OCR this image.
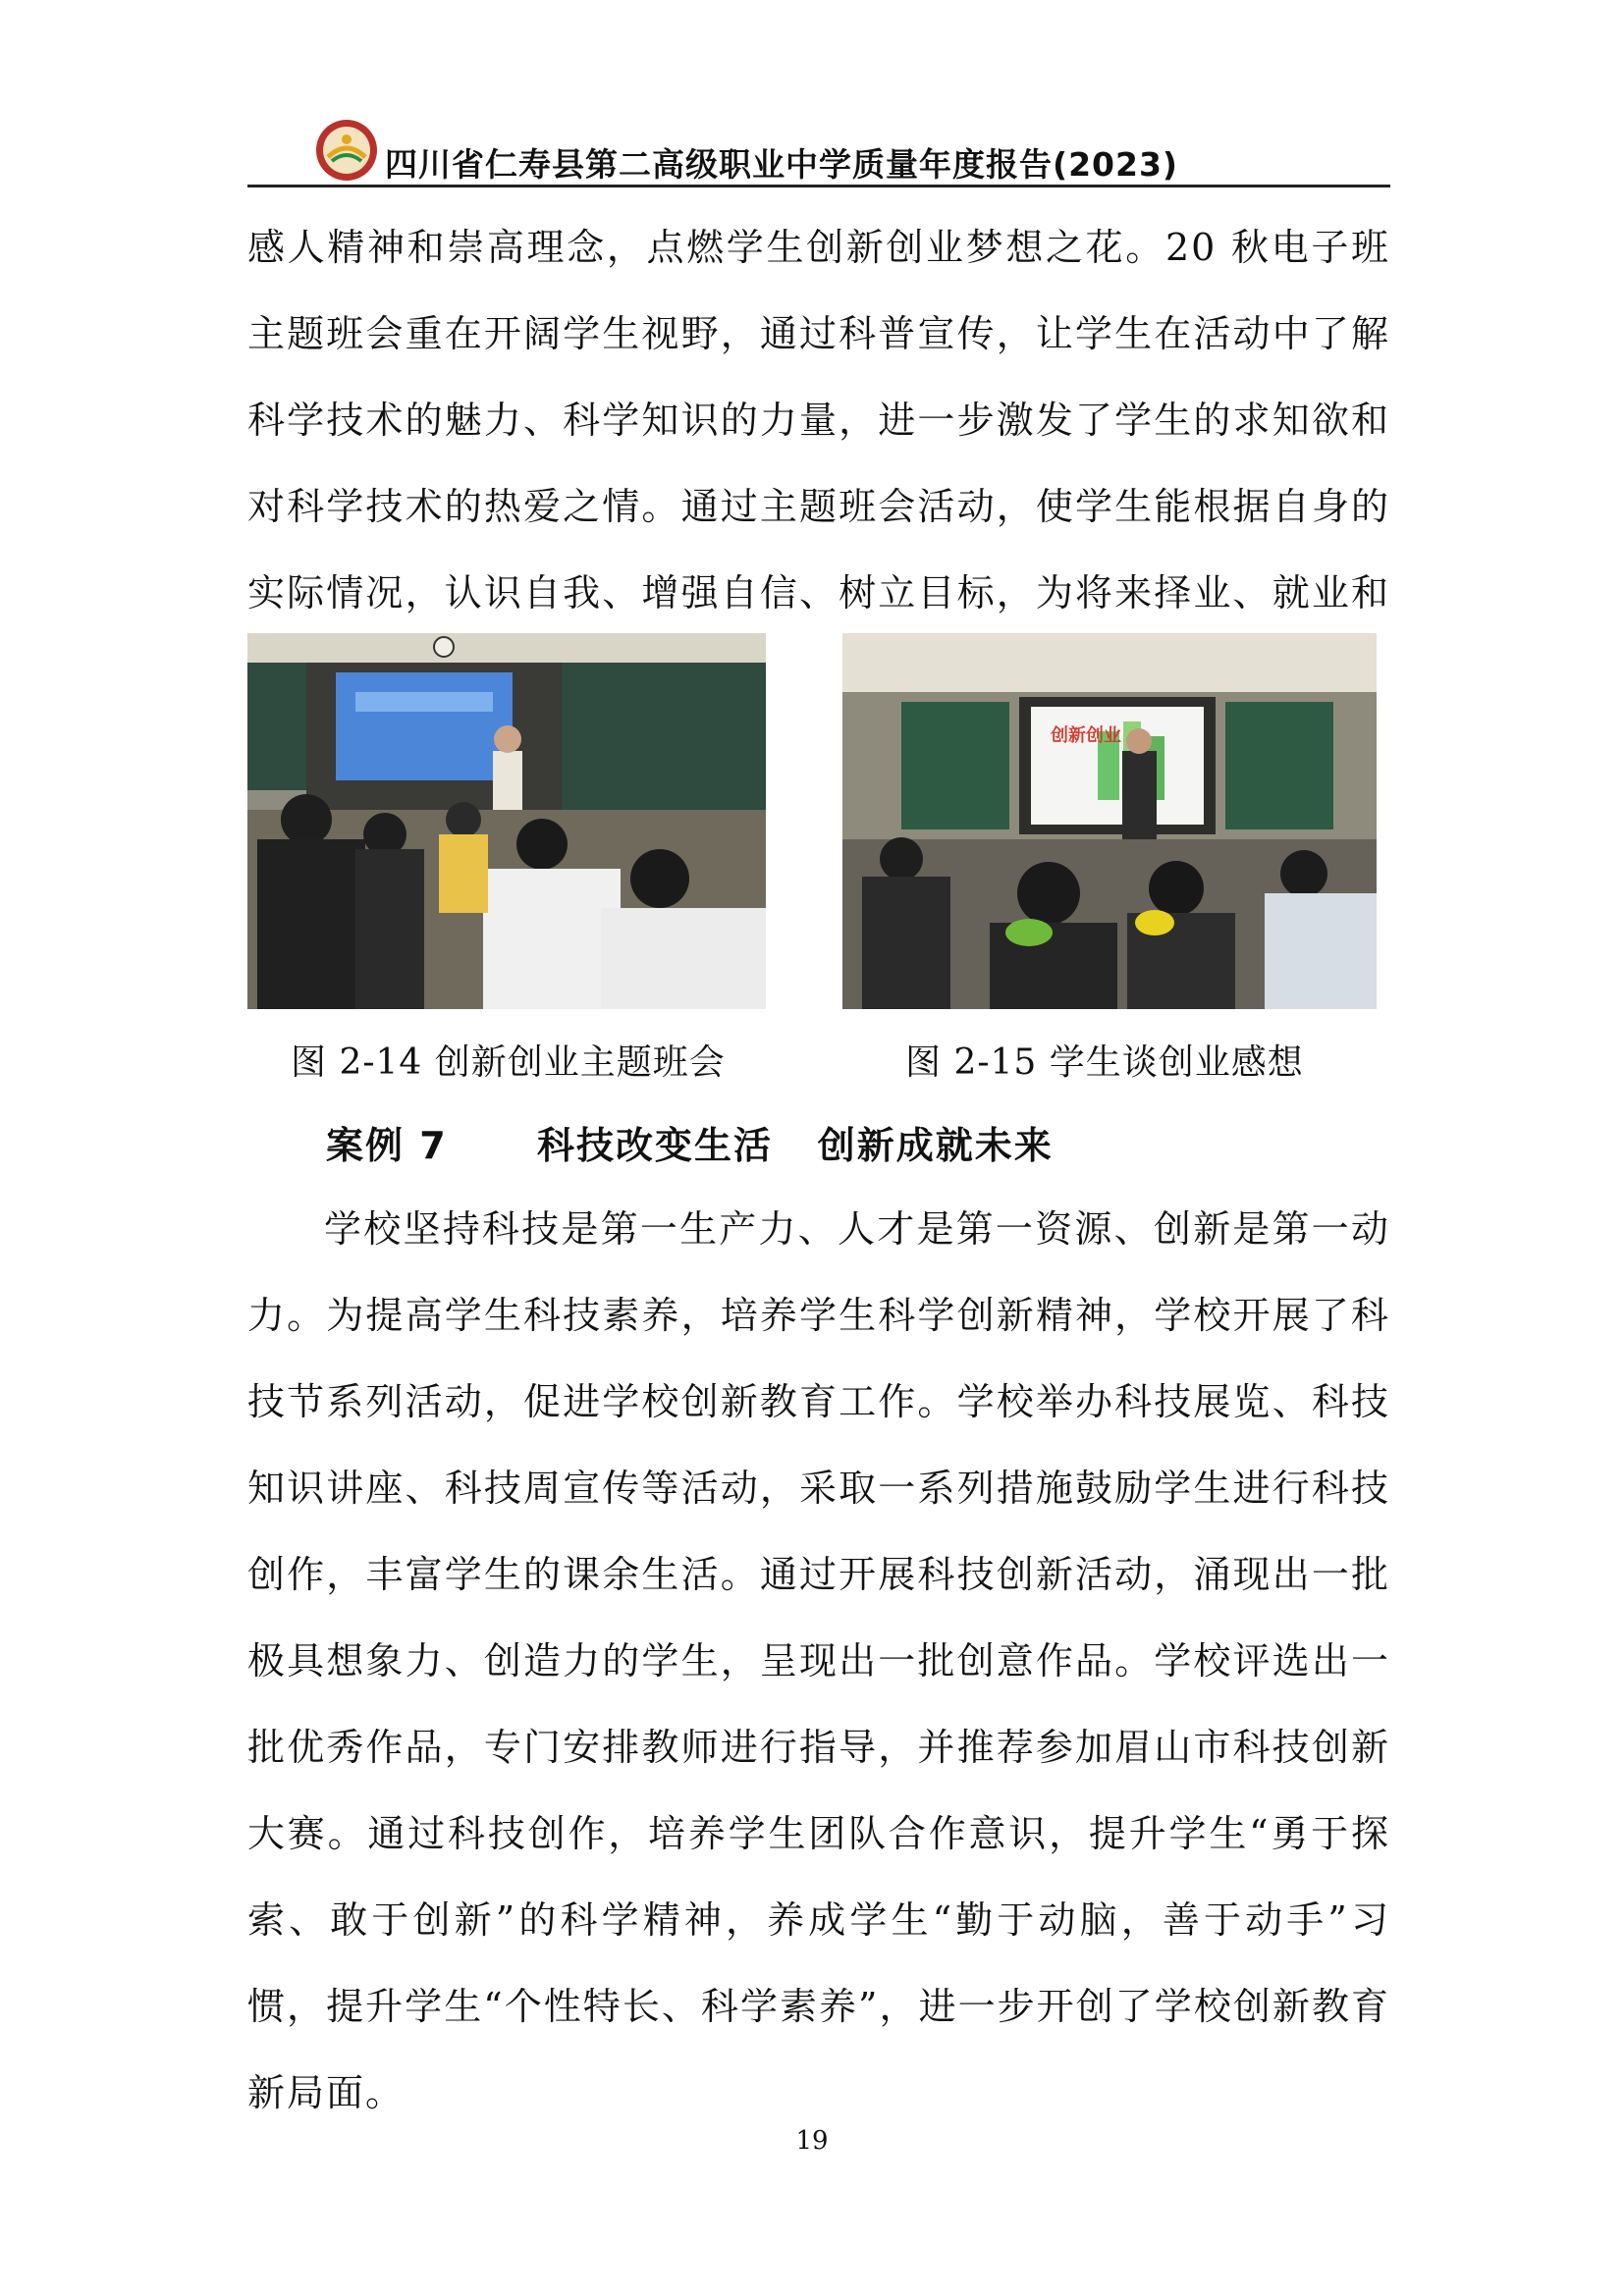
四川省仁寿县第二高级职业中学质量年度报告(2023)

感人精神和崇高理念，点燃学生创新创业梦想之花。20 秋电子班主题班会重在开阔学生视野，通过科普宣传，让学生在活动中了解科学技术的魅力、科学知识的力量，进一步激发了学生的求知欲和对科学技术的热爱之情。通过主题班会活动，使学生能根据自身的实际情况，认识自我、增强自信、树立目标，为将来择业、就业和

创新创业
图 2-14 创新创业主题班会	图 2-15 学生谈创业感想
案例 7      科技改变生活   创新成就未来

学校坚持科技是第一生产力、人才是第一资源、创新是第一动力。为提高学生科技素养，培养学生科学创新精神，学校开展了科技节系列活动，促进学校创新教育工作。学校举办科技展览、科技知识讲座、科技周宣传等活动，采取一系列措施鼓励学生进行科技创作，丰富学生的课余生活。通过开展科技创新活动，涌现出一批极具想象力、创造力的学生，呈现出一批创意作品。学校评选出一批优秀作品，专门安排教师进行指导，并推荐参加眉山市科技创新大赛。通过科技创作，培养学生团队合作意识，提升学生“勇于探索、敢于创新”的科学精神，养成学生“勤于动脑，善于动手”习惯，提升学生“个性特长、科学素养”，进一步开创了学校创新教育新局面。

19
